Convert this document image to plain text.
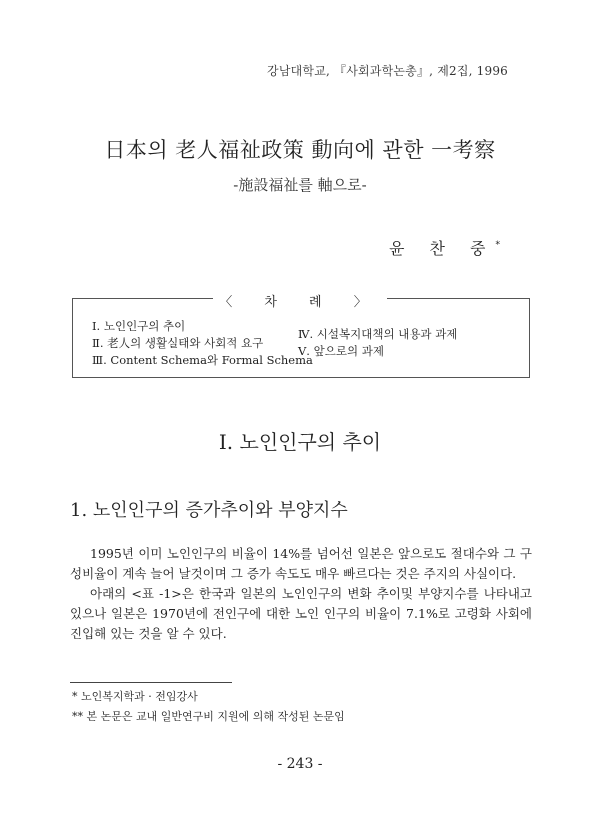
강남대학교, 『사회과학논총』, 제2집, 1996
日本의 老人福祉政策 動向에 관한 一考察
-施設福祉를 軸으로-
윤 찬 중*
〈 차 례 〉
Ⅰ. 노인인구의 추이
Ⅱ. 老人의 생활실태와 사회적 요구
Ⅲ. Content Schema와 Formal Schema
Ⅳ. 시설복지대책의 내용과 과제
Ⅴ. 앞으로의 과제
Ⅰ. 노인인구의 추이
1. 노인인구의 증가추이와 부양지수
1995년 이미 노인인구의 비율이 14%를 넘어선 일본은 앞으로도 절대수와 그 구성비율이 계속 늘어 날것이며 그 증가 속도도 매우 빠르다는 것은 주지의 사실이다.
아래의 <표 -1>은 한국과 일본의 노인인구의 변화 추이및 부양지수를 나타내고 있으나 일본은 1970년에 전인구에 대한 노인 인구의 비율이 7.1%로 고령화 사회에 진입해 있는 것을 알 수 있다.
* 노인복지학과 · 전임강사
** 본 논문은 교내 일반연구비 지원에 의해 작성된 논문임
- 243 -
